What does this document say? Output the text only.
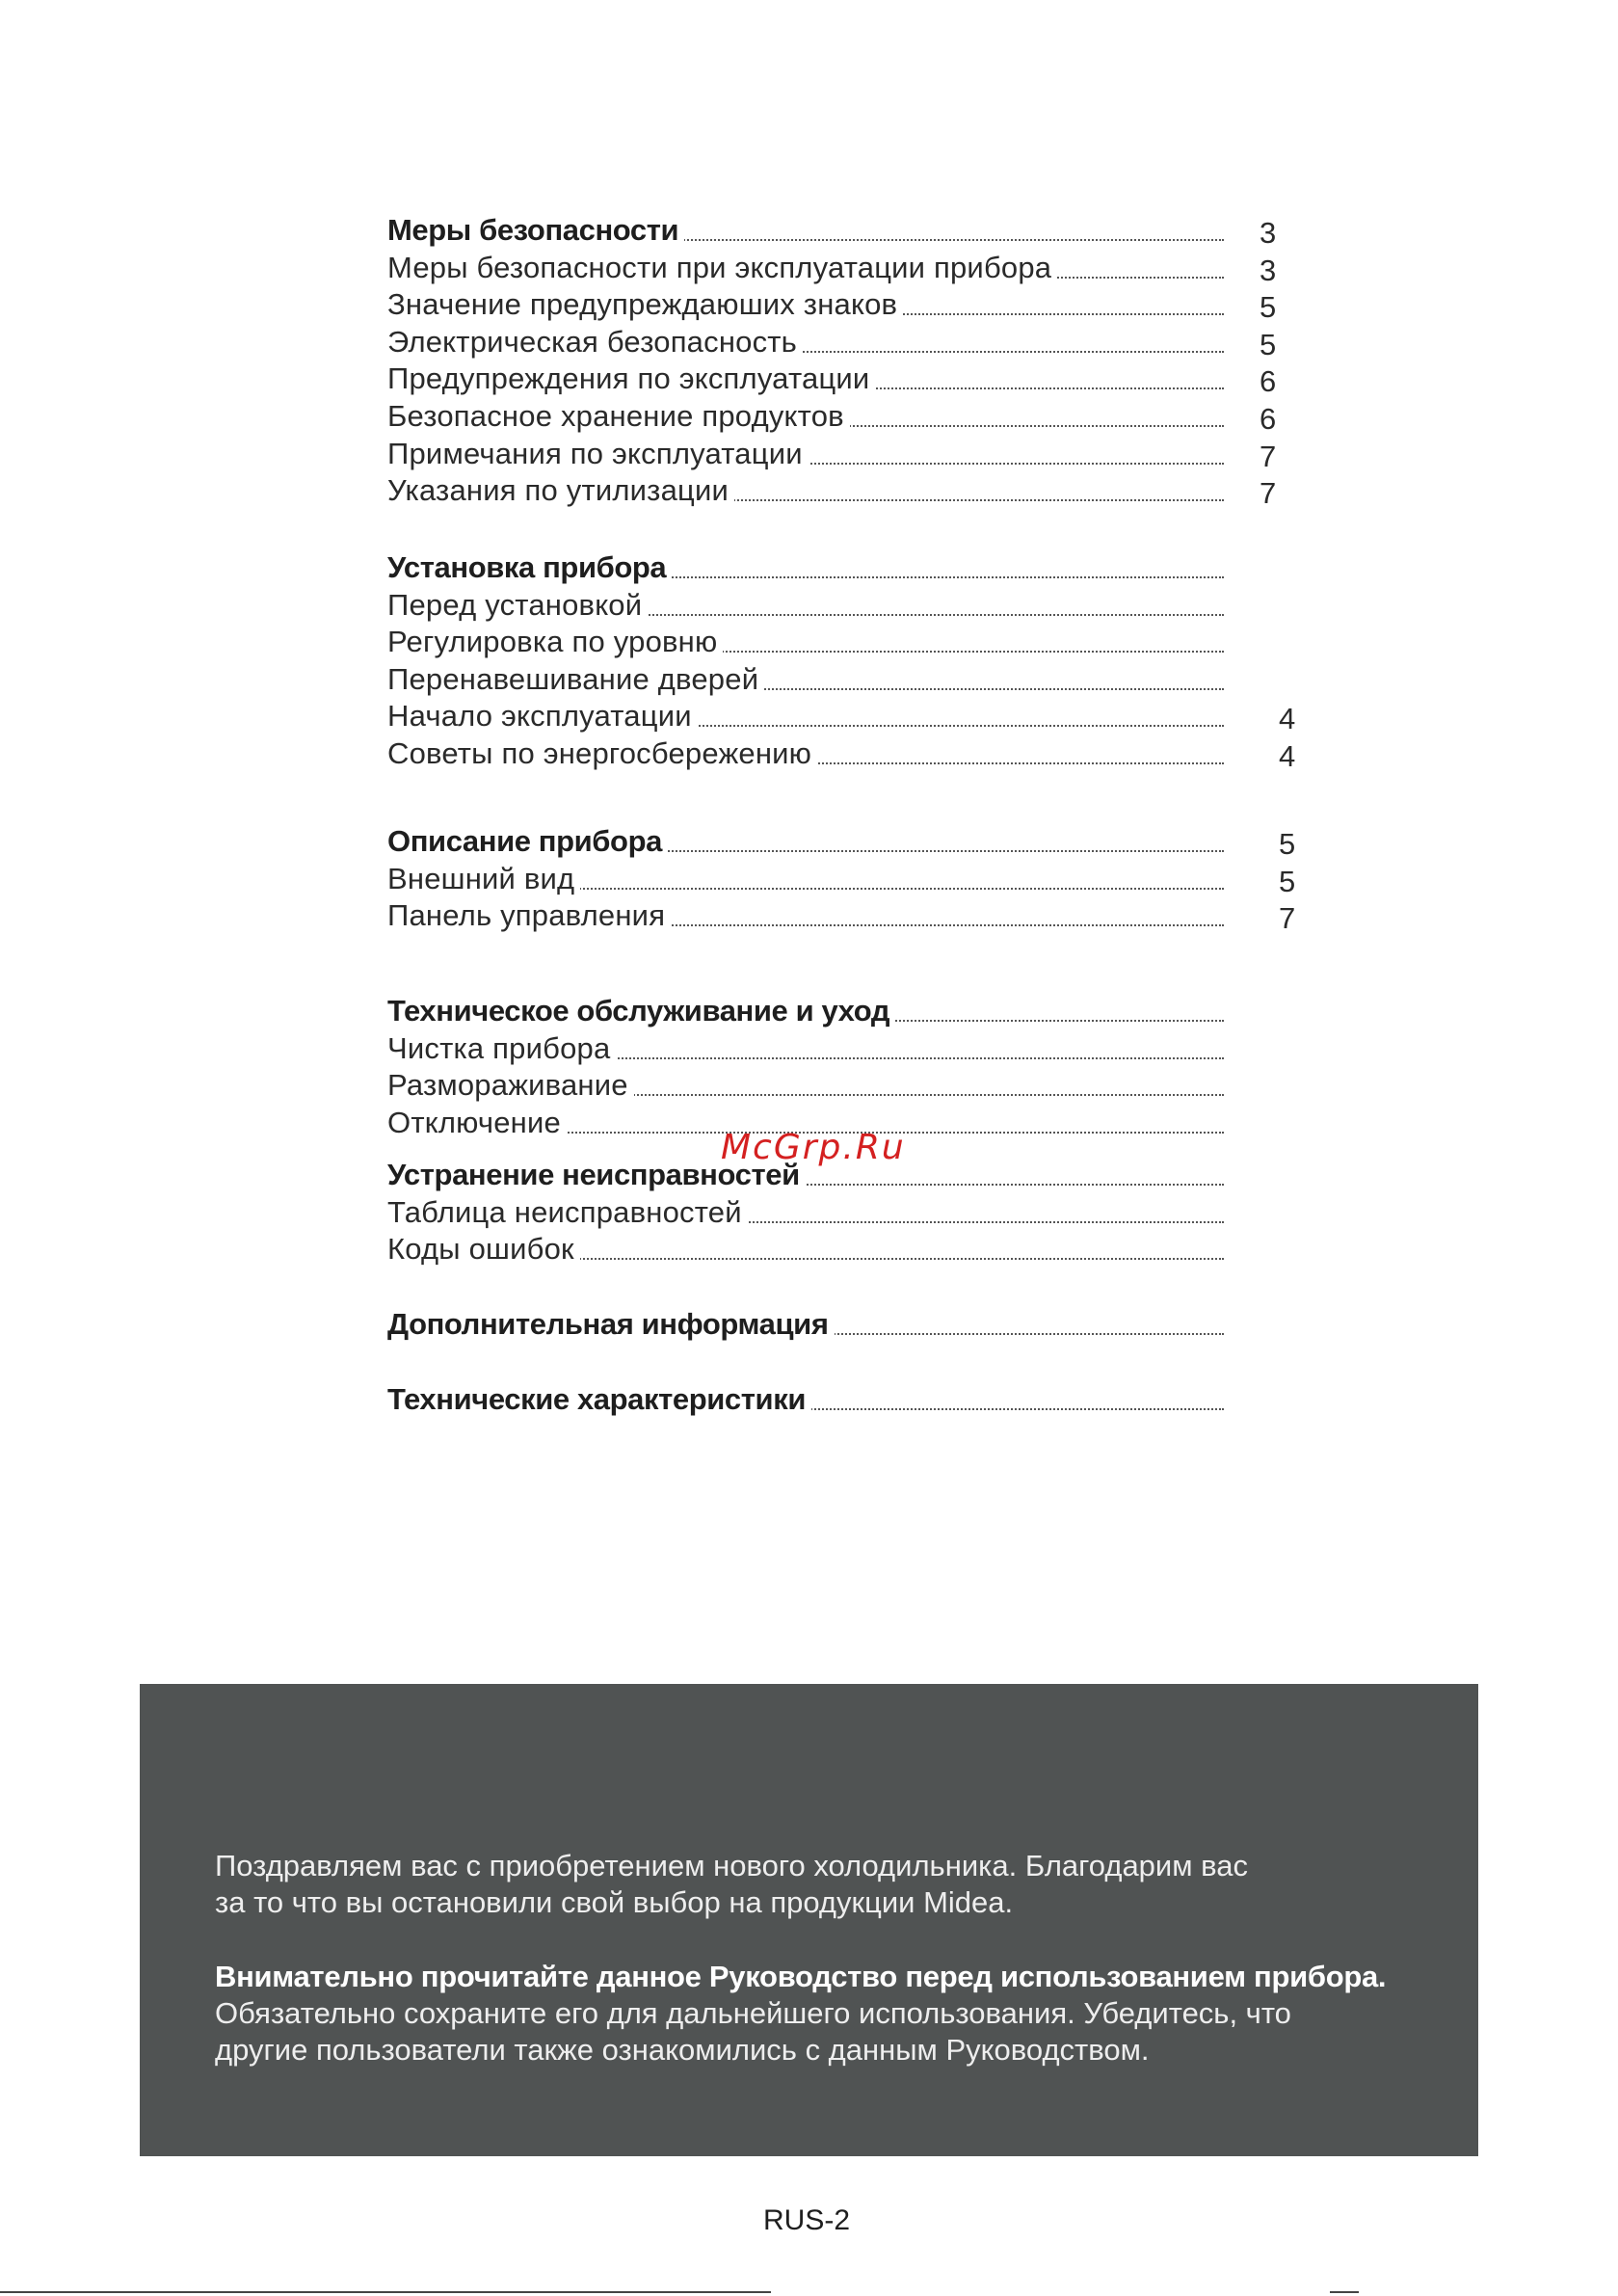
Меры безопасности	3
Меры безопасности при эксплуатации прибора	3
Значение предупреждаюших знаков	5
Электрическая безопасность	5
Предупреждения по эксплуатации	6
Безопасное хранение продуктов	6
Примечания по эксплуатации	7
Указания по утилизации	7
Установка прибора
Перед установкой
Регулировка по уровню
Перенавешивание дверей
Начало эксплуатации	4
Советы по энергосбережению	4
Описание прибора	5
Внешний вид	5
Панель управления	7
Техническое обслуживание и уход
Чистка прибора
Размораживание
Отключение
Устранение неисправностей
Таблица неисправностей
Коды ошибок
Дополнительная информация
Технические характеристики
McGrp.Ru
Поздравляем вас с приобретением нового холодильника. Благодарим вас
за то что вы остановили свой выбор на продукции Midea.
Внимательно прочитайте данное Руководство перед использованием прибора.
Обязательно сохраните его для дальнейшего использования. Убедитесь, что
другие пользователи также ознакомились с данным Руководством.
RUS-2
